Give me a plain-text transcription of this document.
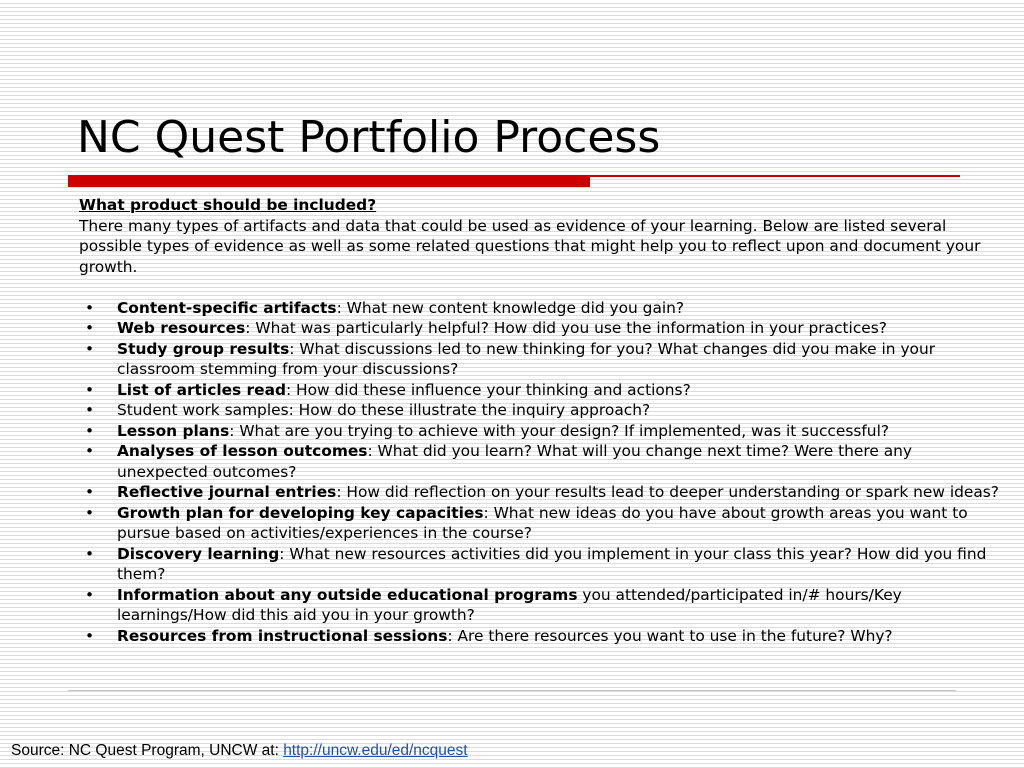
NC Quest Portfolio Process
What product should be included?
There many types of artifacts and data that could be used as evidence of your learning. Below are listed several possible types of evidence as well as some related questions that might help you to reflect upon and document your growth.
• Content-specific artifacts: What new content knowledge did you gain?
• Web resources: What was particularly helpful? How did you use the information in your practices?
• Study group results: What discussions led to new thinking for you? What changes did you make in your classroom stemming from your discussions?
• List of articles read: How did these influence your thinking and actions?
• Student work samples: How do these illustrate the inquiry approach?
• Lesson plans: What are you trying to achieve with your design? If implemented, was it successful?
• Analyses of lesson outcomes: What did you learn? What will you change next time? Were there any unexpected outcomes?
• Reflective journal entries: How did reflection on your results lead to deeper understanding or spark new ideas?
• Growth plan for developing key capacities: What new ideas do you have about growth areas you want to pursue based on activities/experiences in the course?
• Discovery learning: What new resources activities did you implement in your class this year? How did you find them?
• Information about any outside educational programs you attended/participated in/# hours/Key learnings/How did this aid you in your growth?
• Resources from instructional sessions: Are there resources you want to use in the future? Why?
Source: NC Quest Program, UNCW at: http://uncw.edu/ed/ncquest
